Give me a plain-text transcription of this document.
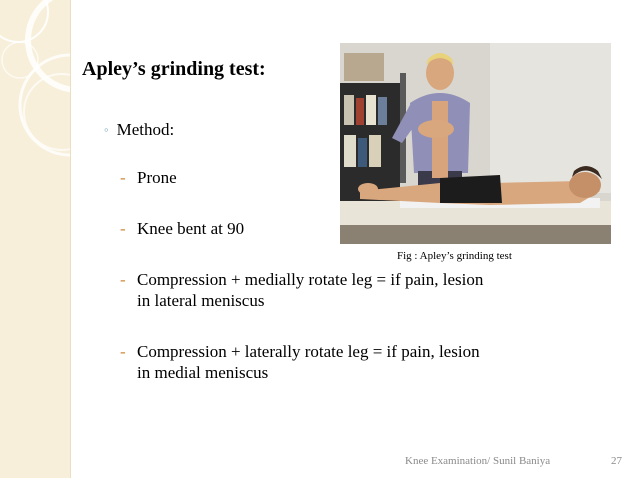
Apley’s grinding test:
◦ Method:
- Prone
- Knee bent at 90
- Compression + medially rotate leg = if pain, lesion
in lateral meniscus
- Compression + laterally rotate leg = if pain, lesion
in medial meniscus
Fig : Apley’s grinding test
Knee Examination/ Sunil Baniya	27
